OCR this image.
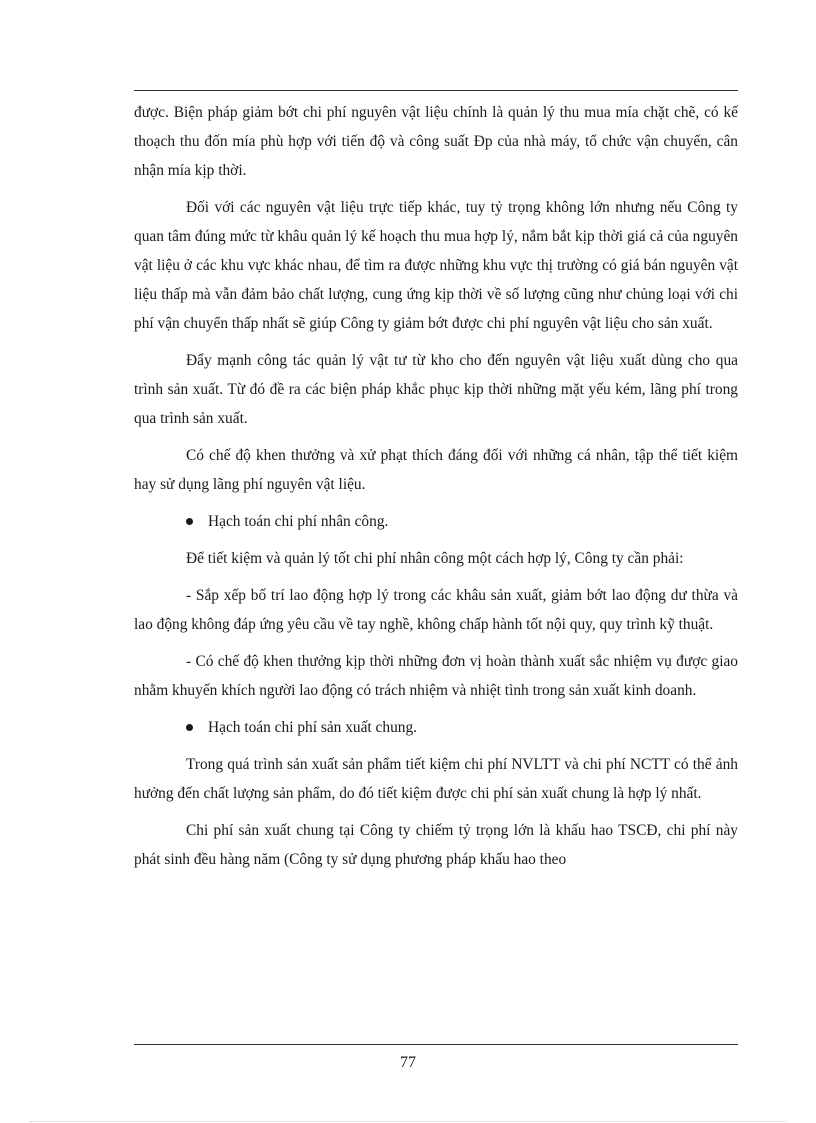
được. Biện pháp giảm bớt chi phí nguyên vật liệu chính là quản lý thu mua mía chặt chẽ, có kế thoạch thu đốn mía phù hợp với tiến độ và công suất Đp của nhà máy, tổ chức vận chuyển, cân nhận mía kịp thời.

Đối với các nguyên vật liệu trực tiếp khác, tuy tỷ trọng không lớn nhưng nếu Công ty quan tâm đúng mức từ khâu quản lý kế hoạch thu mua hợp lý, nắm bắt kịp thời giá cả của nguyên vật liệu ở các khu vực khác nhau, để tìm ra được những khu vực thị trường có giá bán nguyên vật liệu thấp mà vẫn đảm bảo chất lượng, cung ứng kịp thời về số lượng cũng như chủng loại với chi phí vận chuyển thấp nhất sẽ giúp Công ty giảm bớt được chi phí nguyên vật liệu cho sản xuất.

Đẩy mạnh công tác quản lý vật tư từ kho cho đến nguyên vật liệu xuất dùng cho qua trình sản xuất. Từ đó đề ra các biện pháp khắc phục kịp thời những mặt yếu kém, lãng phí trong qua trình sản xuất.

Có chế độ khen thưởng và xử phạt thích đáng đối với những cá nhân, tập thể tiết kiệm hay sử dụng lãng phí nguyên vật liệu.

Hạch toán chi phí nhân công.

Để tiết kiệm và quản lý tốt chi phí nhân công một cách hợp lý, Công ty cần phải:

- Sắp xếp bố trí lao động hợp lý trong các khâu sản xuất, giảm bớt lao động dư thừa và lao động không đáp ứng yêu cầu về tay nghề, không chấp hành tốt nội quy, quy trình kỹ thuật.

- Có chế độ khen thưởng kịp thời những đơn vị hoàn thành xuất sắc nhiệm vụ được giao nhằm khuyến khích người lao động có trách nhiệm và nhiệt tình trong sản xuất kinh doanh.

Hạch toán chi phí sản xuất chung.

Trong quá trình sản xuất sản phẩm tiết kiệm chi phí NVLTT và chi phí NCTT có thể ảnh hưởng đến chất lượng sản phẩm, do đó tiết kiệm được chi phí sản xuất chung là hợp lý nhất.

Chi phí sản xuất chung tại Công ty chiếm tỷ trọng lớn là khấu hao TSCĐ, chi phí này phát sinh đều hàng năm (Công ty sử dụng phương pháp khấu hao theo

77
